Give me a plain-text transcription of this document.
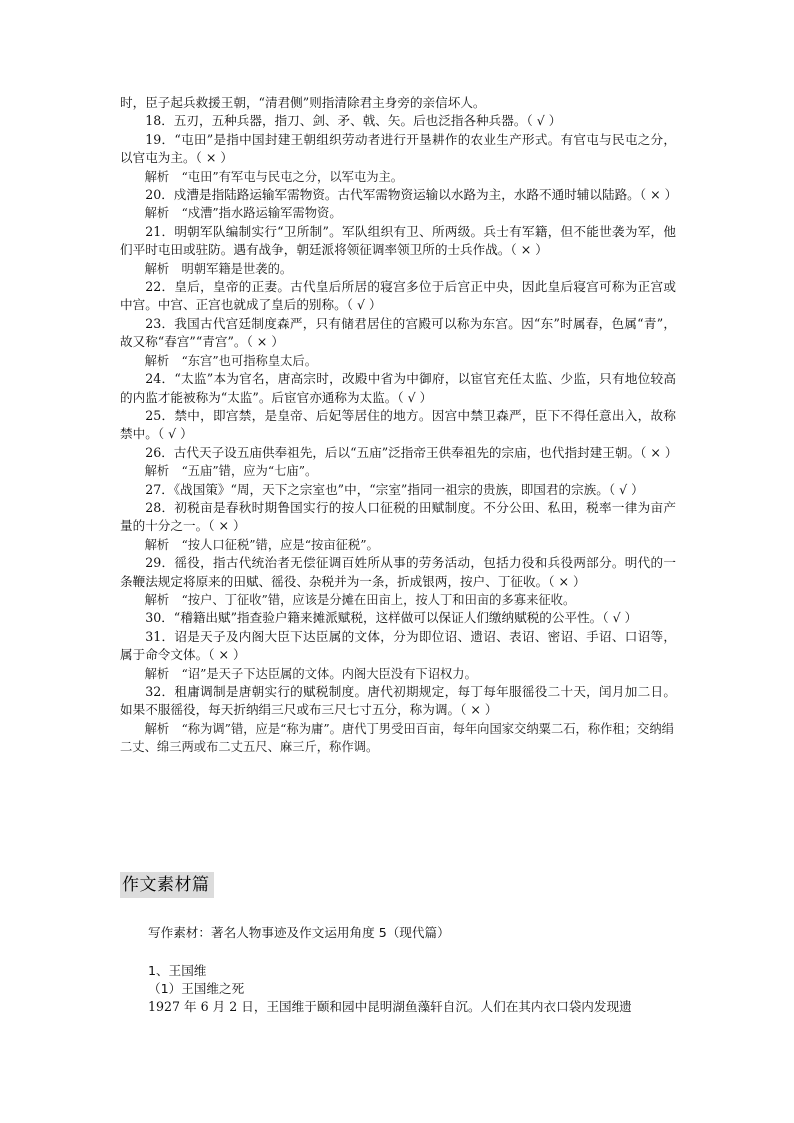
时，臣子起兵救援王朝，“清君侧”则指清除君主身旁的亲信坏人。

18．五刃，五种兵器，指刀、剑、矛、戟、矢。后也泛指各种兵器。（ √ ）

19．“屯田”是指中国封建王朝组织劳动者进行开垦耕作的农业生产形式。有官屯与民屯之分，以官屯为主。（ × ）

解析　“屯田”有军屯与民屯之分，以军屯为主。

20．戍漕是指陆路运输军需物资。古代军需物资运输以水路为主，水路不通时辅以陆路。（ × ）

解析　“戍漕”指水路运输军需物资。

21．明朝军队编制实行“卫所制”。军队组织有卫、所两级。兵士有军籍，但不能世袭为军，他们平时屯田或驻防。遇有战争，朝廷派将领征调率领卫所的士兵作战。（ × ）

解析　明朝军籍是世袭的。

22．皇后，皇帝的正妻。古代皇后所居的寝宫多位于后宫正中央，因此皇后寝宫可称为正宫或中宫。中宫、正宫也就成了皇后的别称。（ √ ）

23．我国古代宫廷制度森严，只有储君居住的宫殿可以称为东宫。因“东”时属春，色属“青”，故又称“春宫”“青宫”。（ × ）

解析　“东宫”也可指称皇太后。

24．“太监”本为官名，唐高宗时，改殿中省为中御府，以宦官充任太监、少监，只有地位较高的内监才能被称为“太监”。后宦官亦通称为太监。（ √ ）

25．禁中，即宫禁，是皇帝、后妃等居住的地方。因宫中禁卫森严，臣下不得任意出入，故称禁中。（ √ ）

26．古代天子设五庙供奉祖先，后以“五庙”泛指帝王供奉祖先的宗庙，也代指封建王朝。（ × ）

解析　“五庙”错，应为“七庙”。

27．《战国策》“周，天下之宗室也”中，“宗室”指同一祖宗的贵族，即国君的宗族。（ √ ）

28．初税亩是春秋时期鲁国实行的按人口征税的田赋制度。不分公田、私田，税率一律为亩产量的十分之一。（ × ）

解析　“按人口征税”错，应是“按亩征税”。

29．徭役，指古代统治者无偿征调百姓所从事的劳务活动，包括力役和兵役两部分。明代的一条鞭法规定将原来的田赋、徭役、杂税并为一条，折成银两，按户、丁征收。（ × ）

解析　“按户、丁征收”错，应该是分摊在田亩上，按人丁和田亩的多寡来征收。

30．“稽籍出赋”指查验户籍来摊派赋税，这样做可以保证人们缴纳赋税的公平性。（ √ ）

31．诏是天子及内阁大臣下达臣属的文体，分为即位诏、遗诏、表诏、密诏、手诏、口诏等，属于命令文体。（ × ）

解析　“诏”是天子下达臣属的文体。内阁大臣没有下诏权力。

32．租庸调制是唐朝实行的赋税制度。唐代初期规定，每丁每年服徭役二十天，闰月加二日。如果不服徭役，每天折纳绢三尺或布三尺七寸五分，称为调。（ × ）

解析　“称为调”错，应是“称为庸”。唐代丁男受田百亩，每年向国家交纳粟二石，称作租；交纳绢二丈、绵三两或布二丈五尺、麻三斤，称作调。

作文素材篇
写作素材：著名人物事迹及作文运用角度 5（现代篇）
1、王国维
（1）王国维之死
1927 年 6 月 2 日，王国维于颐和园中昆明湖鱼藻轩自沉。人们在其内衣口袋内发现遗
